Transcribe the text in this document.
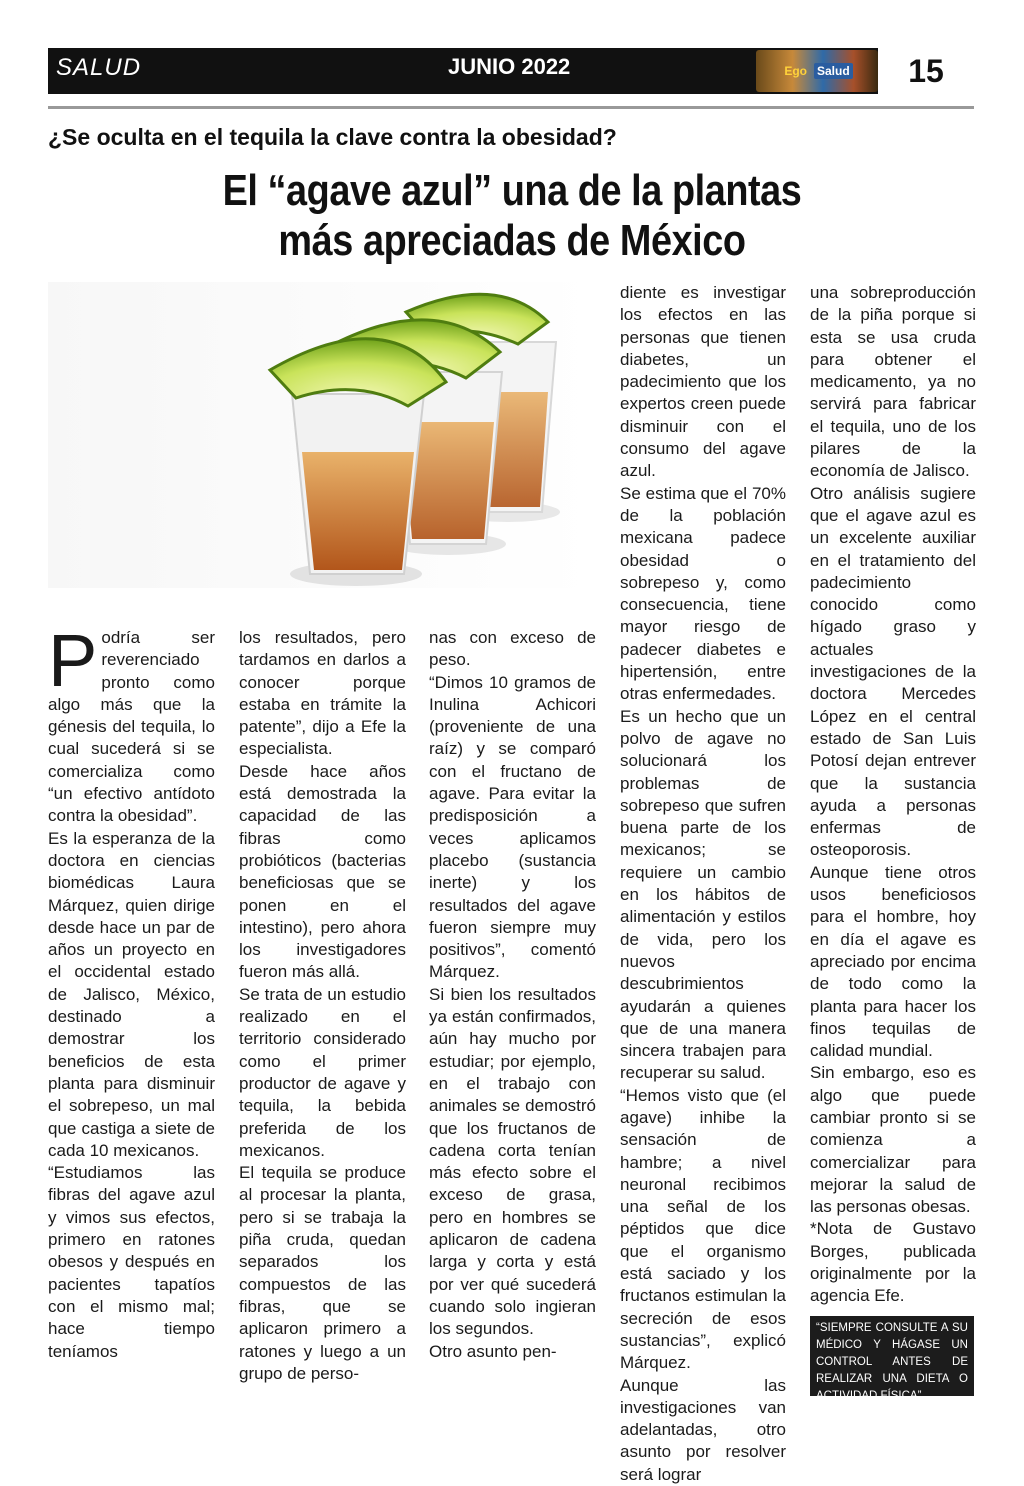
SALUD	JUNIO 2022	Ego Salud	15
¿Se oculta en el tequila la clave contra la obesidad?
El “agave azul” una de la plantas
más apreciadas de México
P odría ser reverenciado pronto como algo más que la génesis del tequila, lo cual sucederá si se comercializa como “un efectivo antídoto contra la obesidad”.

Es la esperanza de la doctora en ciencias biomédicas Laura Márquez, quien dirige desde hace un par de años un proyecto en el occidental estado de Jalisco, México, destinado a demostrar los beneficios de esta planta para disminuir el sobrepeso, un mal que castiga a siete de cada 10 mexicanos.

“Estudiamos las fibras del agave azul y vimos sus efectos, primero en ratones obesos y después en pacientes tapatíos con el mismo mal; hace tiempo teníamos

los resultados, pero tardamos en darlos a conocer porque estaba en trámite la patente”, dijo a Efe la especialista.

Desde hace años está demostrada la capacidad de las fibras como probióticos (bacterias beneficiosas que se ponen en el intestino), pero ahora los investigadores fueron más allá.

Se trata de un estudio realizado en el territorio considerado como el primer productor de agave y tequila, la bebida preferida de los mexicanos.

El tequila se produce al procesar la planta, pero si se trabaja la piña cruda, quedan separados los compuestos de las fibras, que se aplicaron primero a ratones y luego a un grupo de perso-

nas con exceso de peso.

“Dimos 10 gramos de Inulina Achicori (proveniente de una raíz) y se comparó con el fructano de agave. Para evitar la predisposición a veces aplicamos placebo (sustancia inerte) y los resultados del agave fueron siempre muy positivos”, comentó Márquez.

Si bien los resultados ya están confirmados, aún hay mucho por estudiar; por ejemplo, en el trabajo con animales se demostró que los fructanos de cadena corta tenían más efecto sobre el exceso de grasa, pero en hombres se aplicaron de cadena larga y corta y está por ver qué sucederá cuando solo ingieran los segundos.

Otro asunto pen-

diente es investigar los efectos en las personas que tienen diabetes, un padecimiento que los expertos creen puede disminuir con el consumo del agave azul.

Se estima que el 70% de la población mexicana padece obesidad o sobrepeso y, como consecuencia, tiene mayor riesgo de padecer diabetes e hipertensión, entre otras enfermedades.

Es un hecho que un polvo de agave no solucionará los problemas de sobrepeso que sufren buena parte de los mexicanos; se requiere un cambio en los hábitos de alimentación y estilos de vida, pero los nuevos descubrimientos ayudarán a quienes que de una manera sincera trabajen para recuperar su salud.

“Hemos visto que (el agave) inhibe la sensación de hambre; a nivel neuronal recibimos una señal de los péptidos que dice que el organismo está saciado y los fructanos estimulan la secreción de esos sustancias”, explicó Márquez.

Aunque las investigaciones van adelantadas, otro asunto por resolver será lograr

una sobreproducción de la piña porque si esta se usa cruda para obtener el medicamento, ya no servirá para fabricar el tequila, uno de los pilares de la economía de Jalisco.

Otro análisis sugiere que el agave azul es un excelente auxiliar en el tratamiento del padecimiento conocido como hígado graso y actuales investigaciones de la doctora Mercedes López en el central estado de San Luis Potosí dejan entrever que la sustancia ayuda a personas enfermas de osteoporosis.

Aunque tiene otros usos beneficiosos para el hombre, hoy en día el agave es apreciado por encima de todo como la planta para hacer los finos tequilas de calidad mundial.

Sin embargo, eso es algo que puede cambiar pronto si se comienza a comercializar para mejorar la salud de las personas obesas.

*Nota de Gustavo Borges, publicada originalmente por la agencia Efe.

“SIEMPRE CONSULTE A SU MÉDICO Y HÁGASE UN CONTROL ANTES DE REALIZAR UNA DIETA O ACTIVIDAD FÍSICA”
